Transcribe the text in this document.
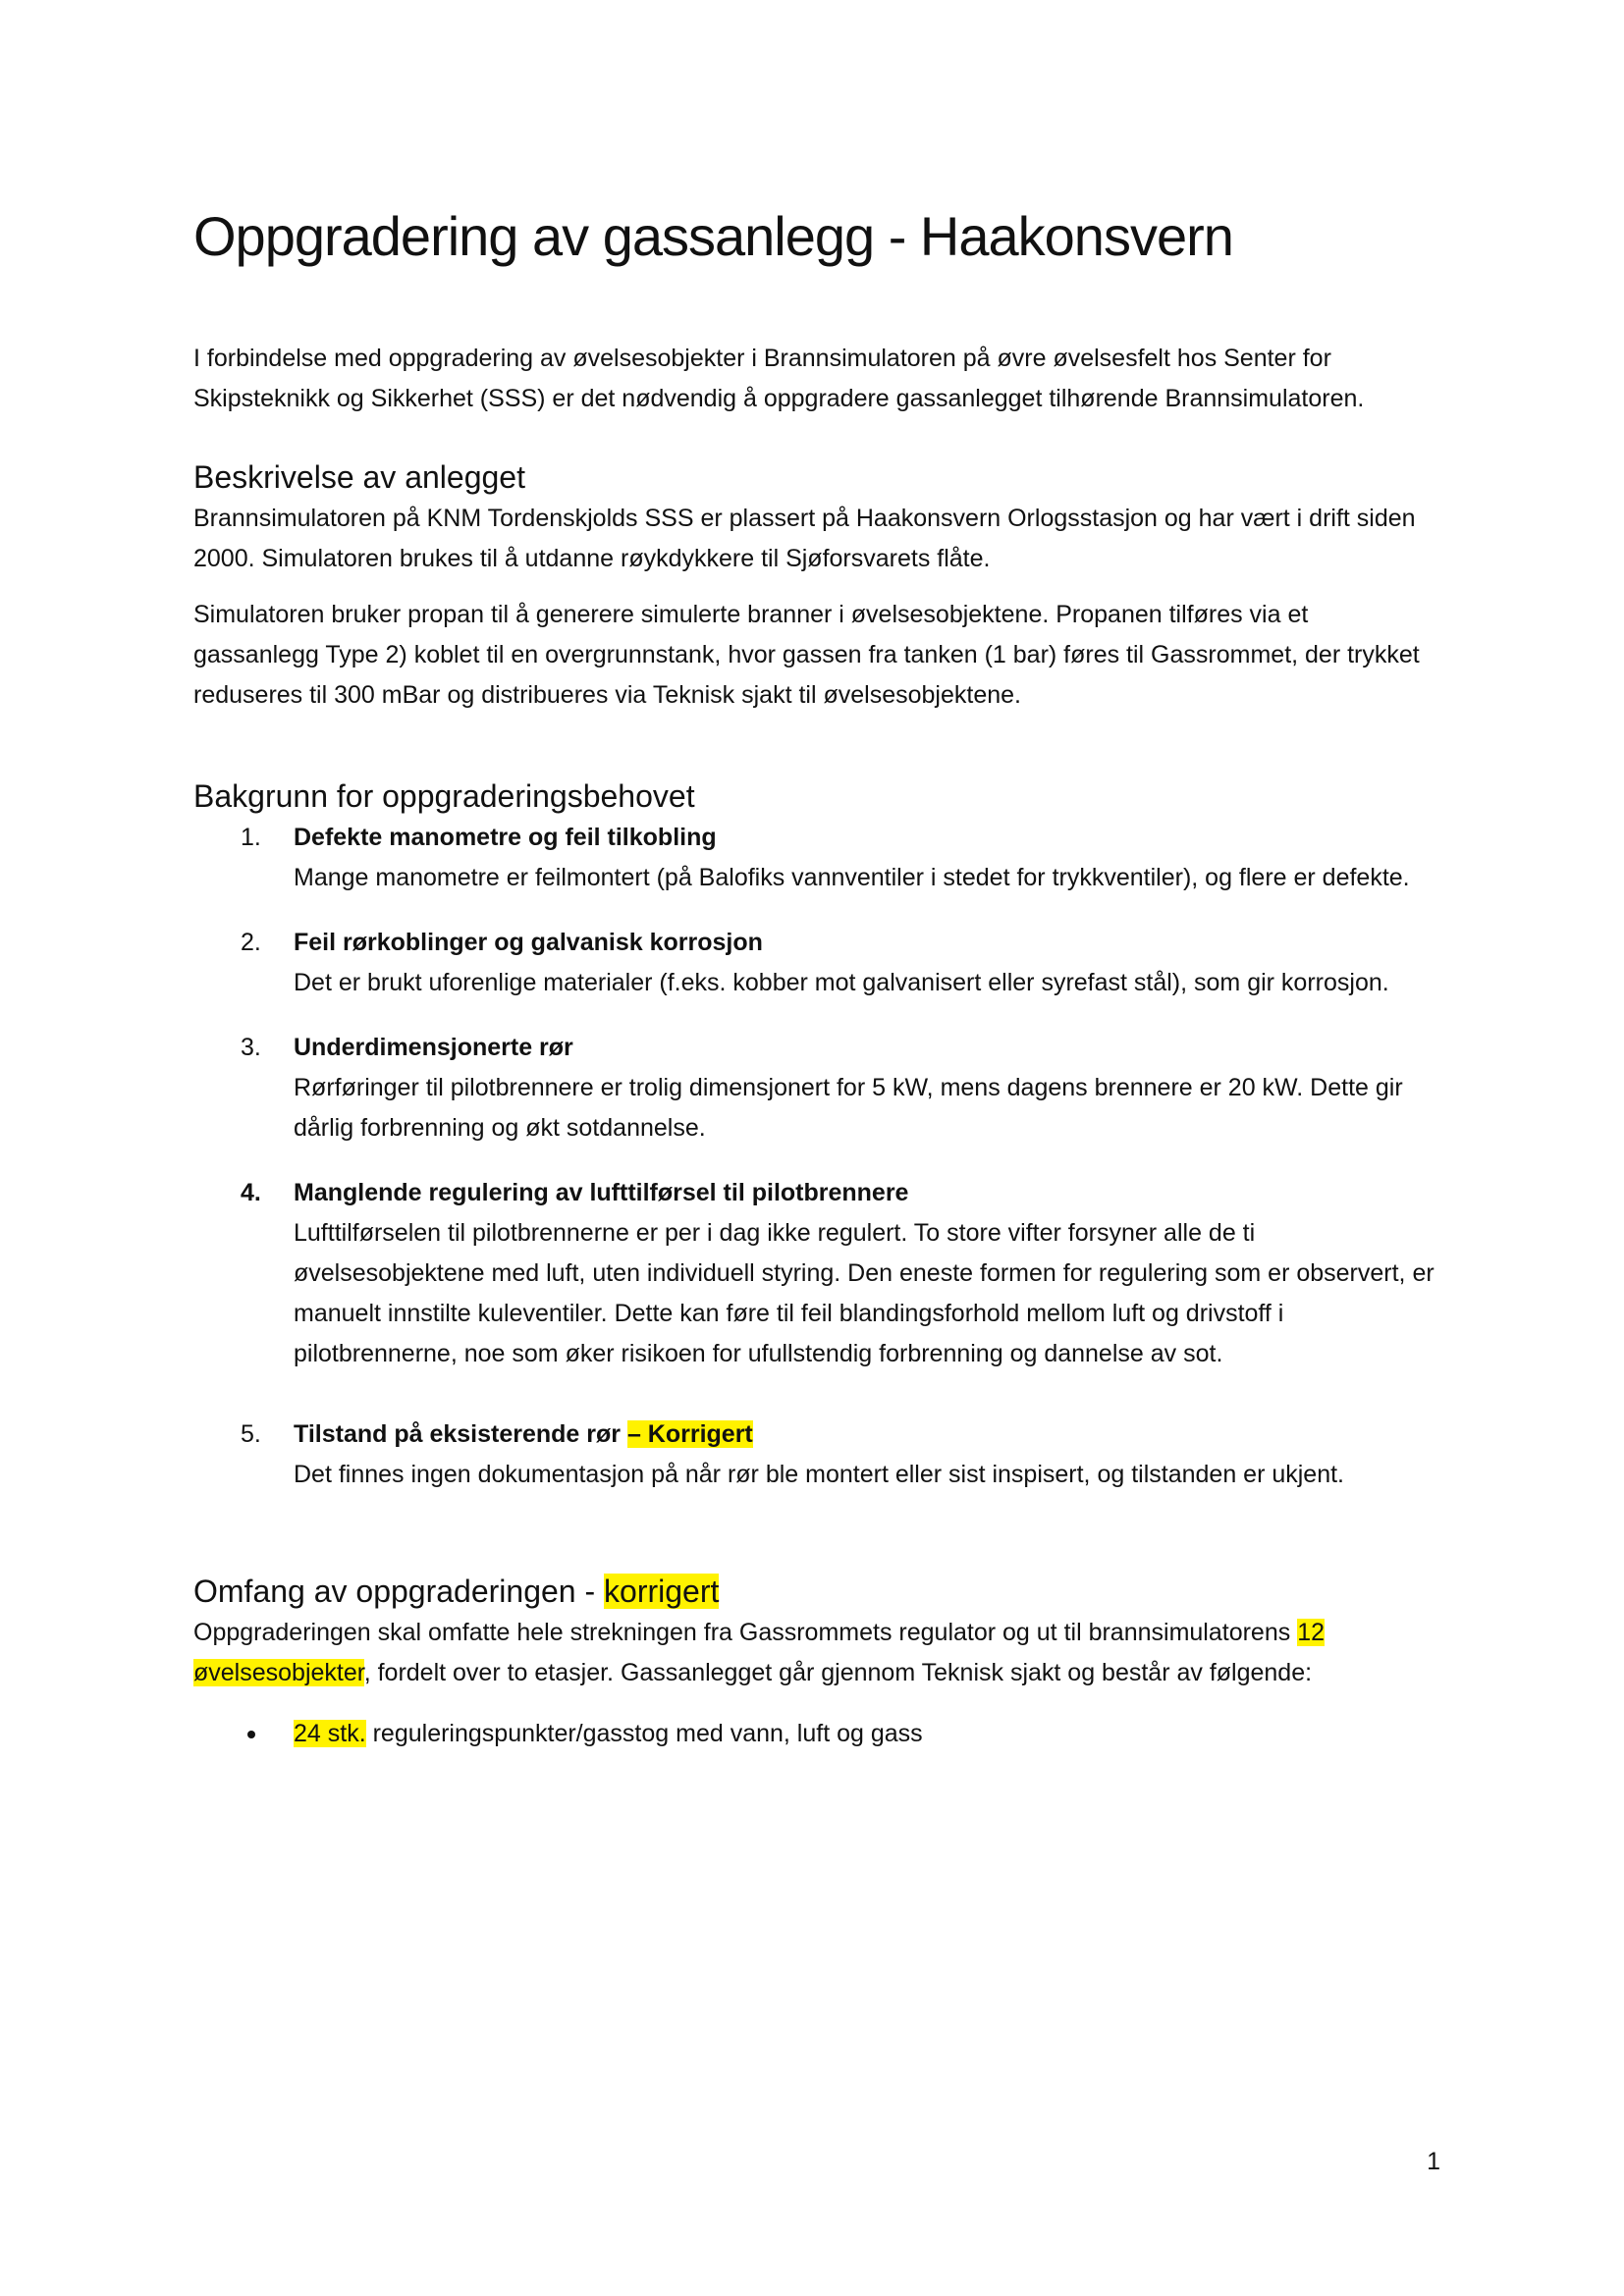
Oppgradering av gassanlegg - Haakonsvern

I forbindelse med oppgradering av øvelsesobjekter i Brannsimulatoren på øvre øvelsesfelt hos Senter for Skipsteknikk og Sikkerhet (SSS) er det nødvendig å oppgradere gassanlegget tilhørende Brannsimulatoren.

Beskrivelse av anlegget

Brannsimulatoren på KNM Tordenskjolds SSS er plassert på Haakonsvern Orlogsstasjon og har vært i drift siden 2000. Simulatoren brukes til å utdanne røykdykkere til Sjøforsvarets flåte.

Simulatoren bruker propan til å generere simulerte branner i øvelsesobjektene. Propanen tilføres via et gassanlegg Type 2) koblet til en overgrunnstank, hvor gassen fra tanken (1 bar) føres til Gassrommet, der trykket reduseres til 300 mBar og distribueres via Teknisk sjakt til øvelsesobjektene.

Bakgrunn for oppgraderingsbehovet
1. Defekte manometre og feil tilkobling
Mange manometre er feilmontert (på Balofiks vannventiler i stedet for trykkventiler), og flere er defekte.
2. Feil rørkoblinger og galvanisk korrosjon
Det er brukt uforenlige materialer (f.eks. kobber mot galvanisert eller syrefast stål), som gir korrosjon.
3. Underdimensjonerte rør
Rørføringer til pilotbrennere er trolig dimensjonert for 5 kW, mens dagens brennere er 20 kW. Dette gir dårlig forbrenning og økt sotdannelse.
4. Manglende regulering av lufttilførsel til pilotbrennere
Lufttilførselen til pilotbrennerne er per i dag ikke regulert. To store vifter forsyner alle de ti øvelsesobjektene med luft, uten individuell styring. Den eneste formen for regulering som er observert, er manuelt innstilte kuleventiler. Dette kan føre til feil blandingsforhold mellom luft og drivstoff i pilotbrennerne, noe som øker risikoen for ufullstendig forbrenning og dannelse av sot.
5. Tilstand på eksisterende rør – Korrigert
Det finnes ingen dokumentasjon på når rør ble montert eller sist inspisert, og tilstanden er ukjent.
Omfang av oppgraderingen - korrigert

Oppgraderingen skal omfatte hele strekningen fra Gassrommets regulator og ut til brannsimulatorens 12 øvelsesobjekter, fordelt over to etasjer. Gassanlegget går gjennom Teknisk sjakt og består av følgende:

24 stk. reguleringspunkter/gasstog med vann, luft og gass
1
